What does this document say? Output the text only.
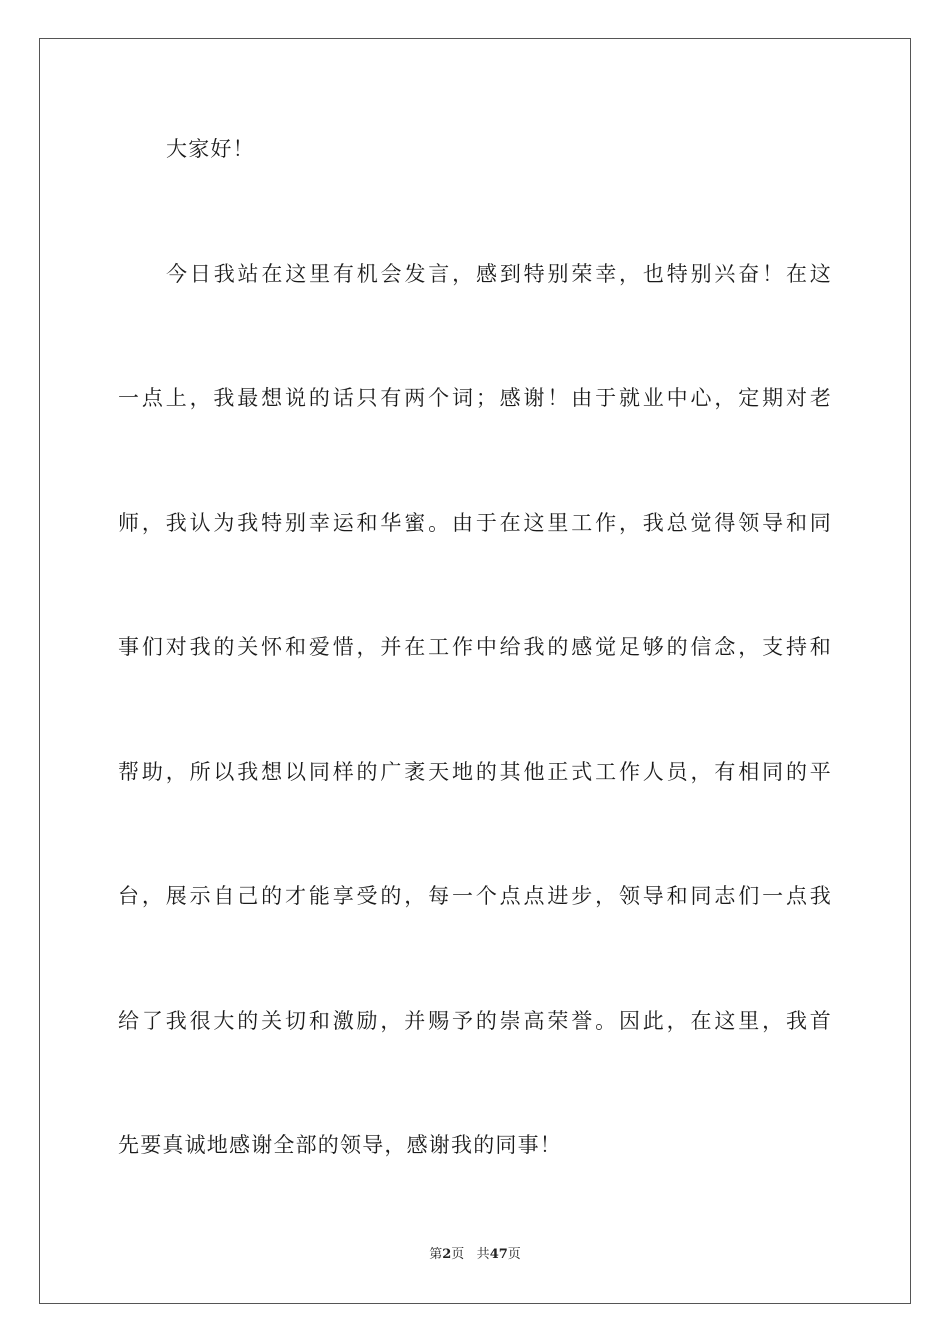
大家好！
今日我站在这里有机会发言，感到特别荣幸，也特别兴奋！在这
一点上，我最想说的话只有两个词；感谢！由于就业中心，定期对老
师，我认为我特别幸运和华蜜。由于在这里工作，我总觉得领导和同
事们对我的关怀和爱惜，并在工作中给我的感觉足够的信念，支持和
帮助，所以我想以同样的广袤天地的其他正式工作人员，有相同的平
台，展示自己的才能享受的，每一个点点进步，领导和同志们一点我
给了我很大的关切和激励，并赐予的崇高荣誉。因此，在这里，我首
先要真诚地感谢全部的领导，感谢我的同事！
第2页 共47页
